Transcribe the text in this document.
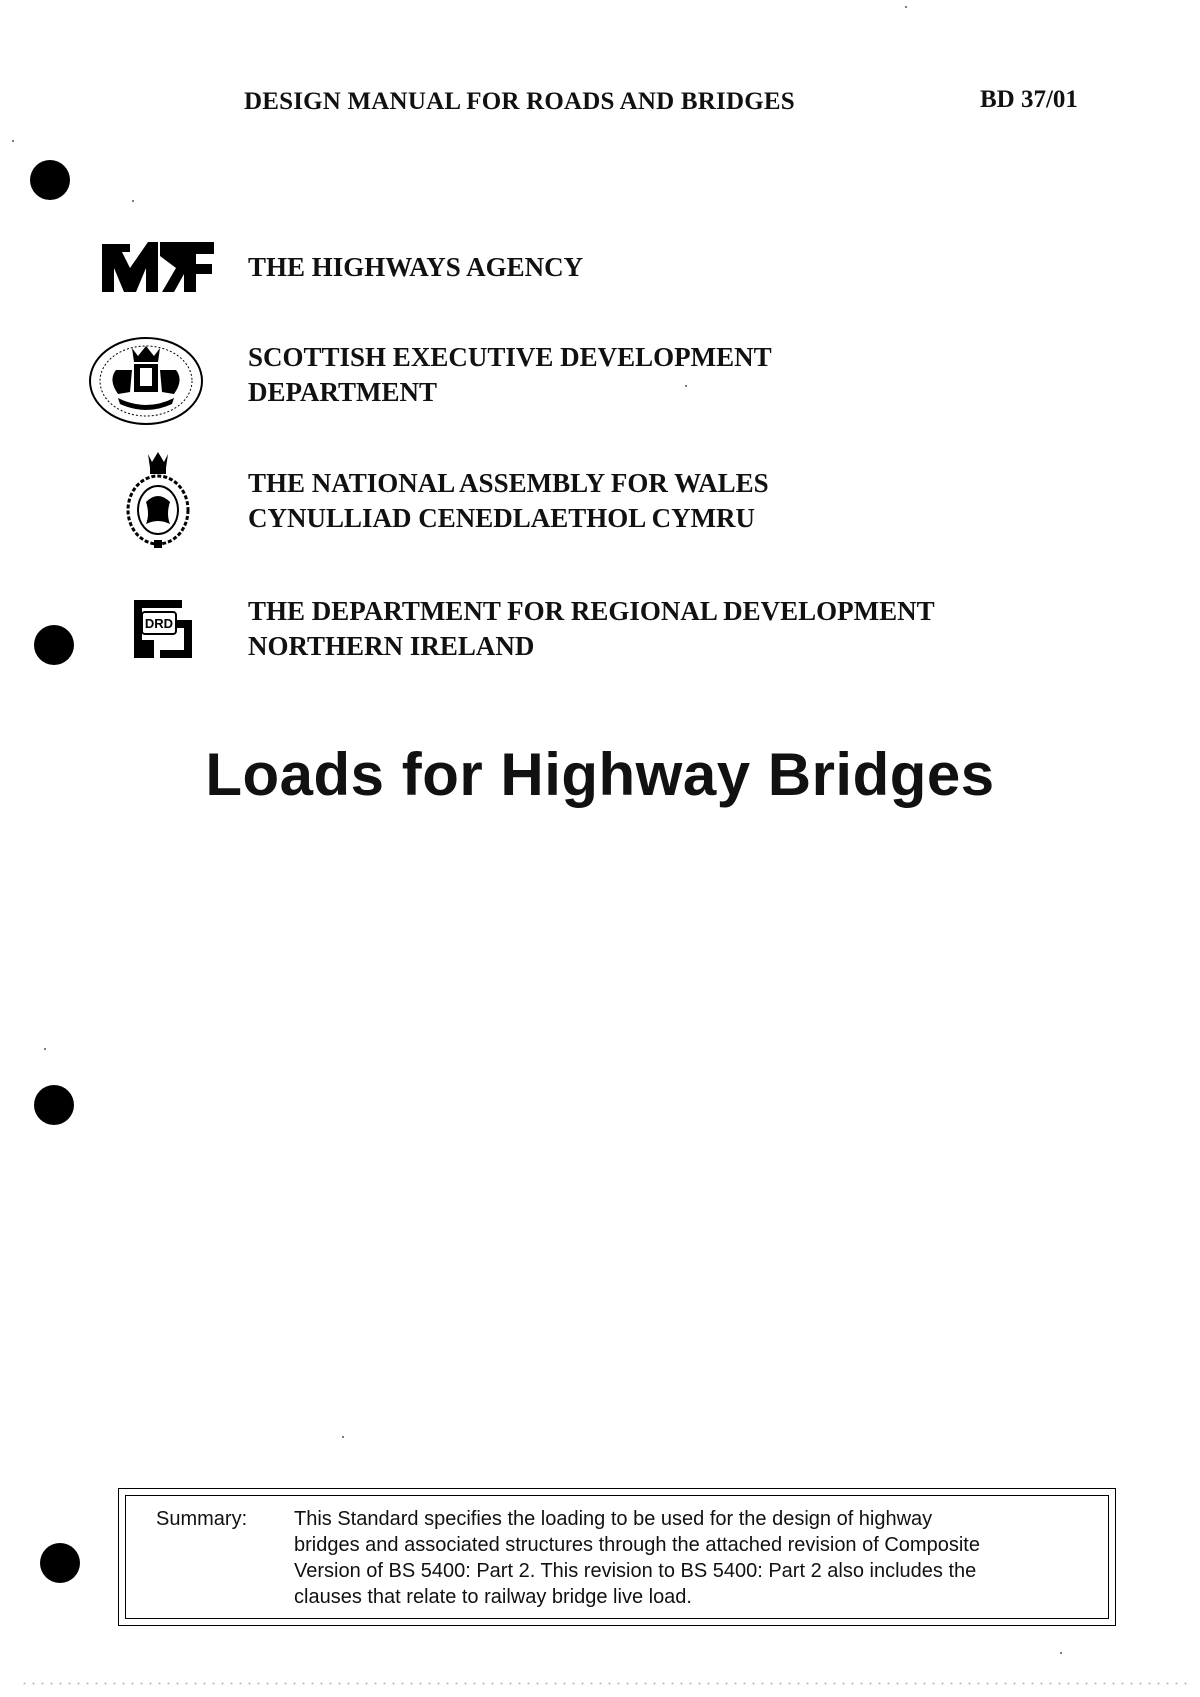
DESIGN MANUAL FOR ROADS AND BRIDGES	BD 37/01
THE HIGHWAYS AGENCY
SCOTTISH EXECUTIVE DEVELOPMENT
DEPARTMENT
THE NATIONAL ASSEMBLY FOR WALES
CYNULLIAD CENEDLAETHOL CYMRU
DRD	THE DEPARTMENT FOR REGIONAL DEVELOPMENT
NORTHERN IRELAND
Loads for Highway Bridges
Summary: This Standard specifies the loading to be used for the design of highway
bridges and associated structures through the attached revision of Composite
Version of BS 5400: Part 2. This revision to BS 5400: Part 2 also includes the
clauses that relate to railway bridge live load.
